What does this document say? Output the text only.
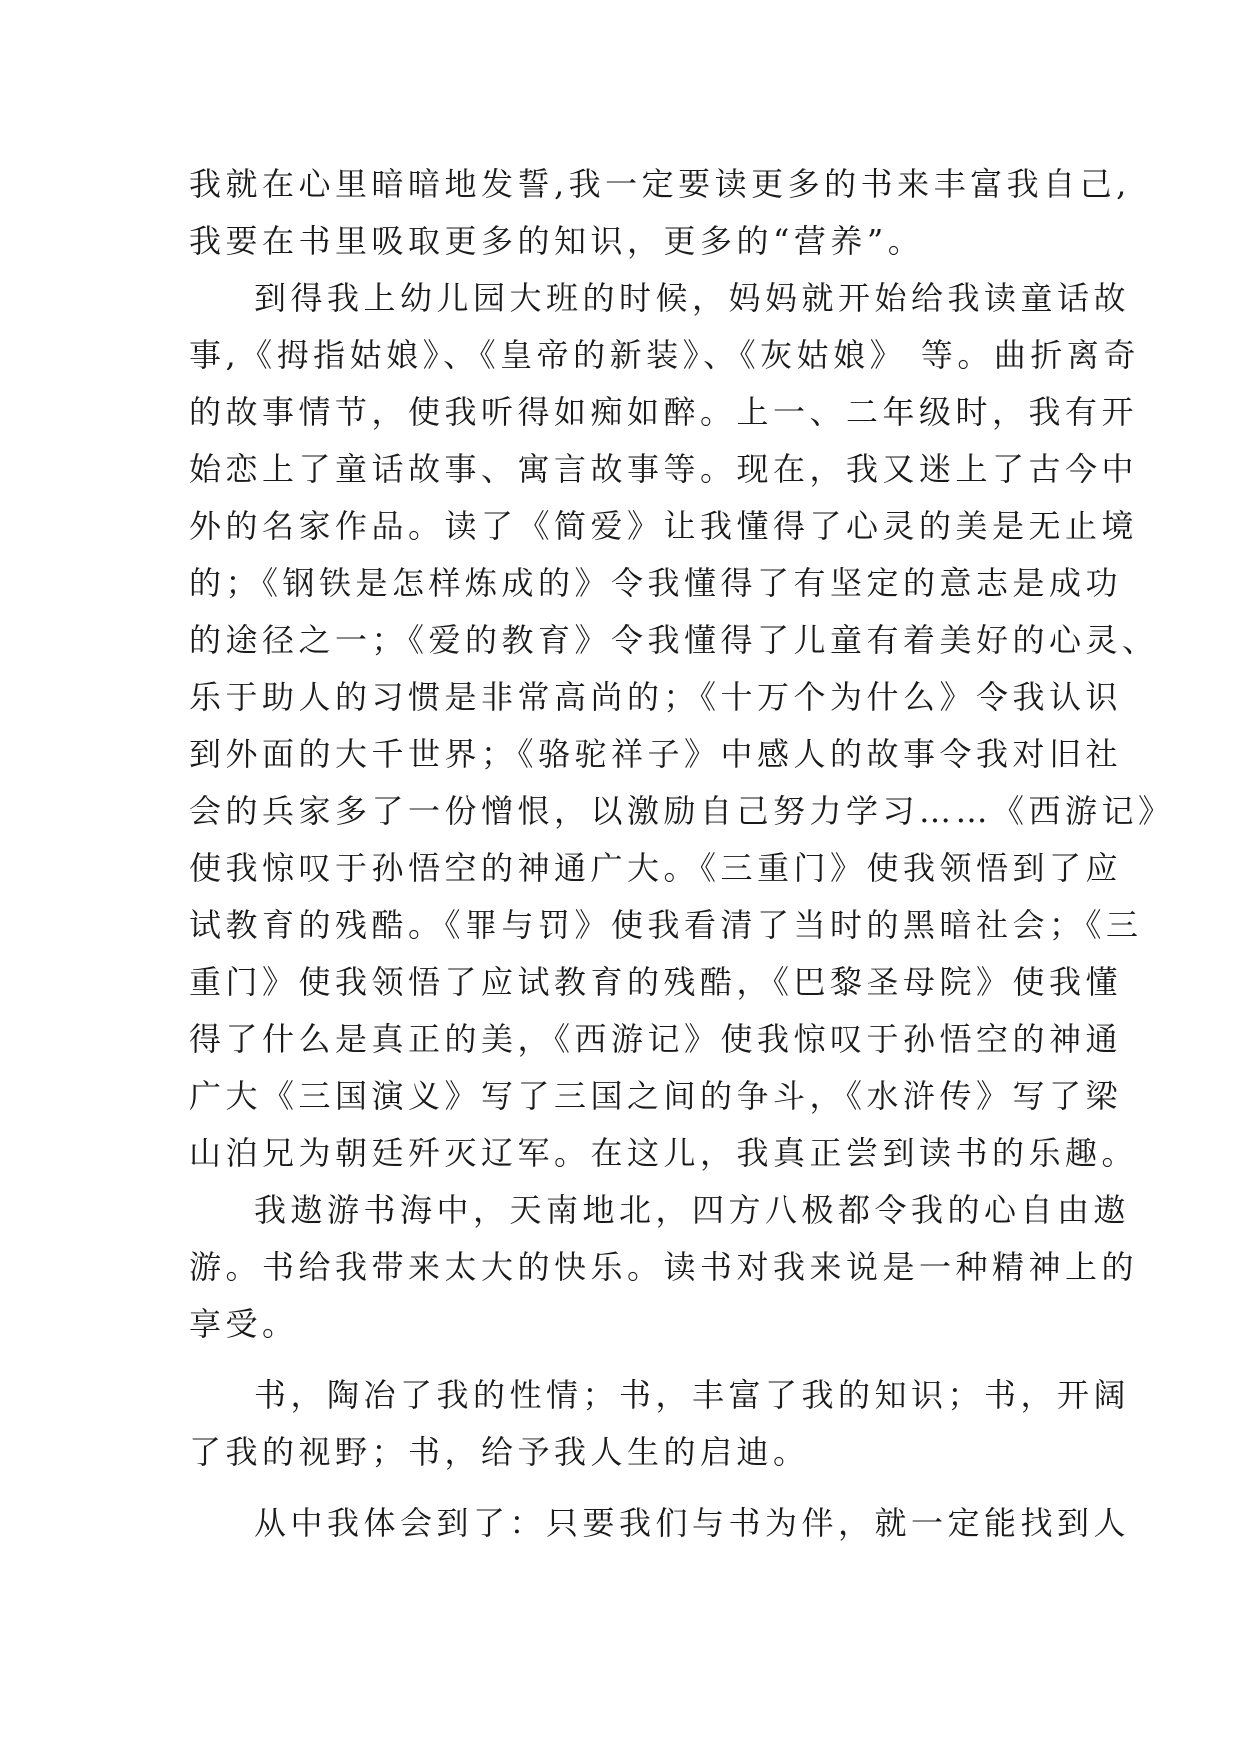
我就在心里暗暗地发誓,我一定要读更多的书来丰富我自己,
我要在书里吸取更多的知识，更多的“营养”。
到得我上幼儿园大班的时候，妈妈就开始给我读童话故
事,《拇指姑娘》、《皇帝的新装》、《灰姑娘》 等。曲折离奇
的故事情节，使我听得如痴如醉。上一、二年级时，我有开
始恋上了童话故事、寓言故事等。现在，我又迷上了古今中
外的名家作品。读了《简爱》让我懂得了心灵的美是无止境
的；《钢铁是怎样炼成的》令我懂得了有坚定的意志是成功
的途径之一；《爱的教育》令我懂得了儿童有着美好的心灵、
乐于助人的习惯是非常高尚的；《十万个为什么》令我认识
到外面的大千世界；《骆驼祥子》中感人的故事令我对旧社
会的兵家多了一份憎恨，以激励自己努力学习……《西游记》
使我惊叹于孙悟空的神通广大。《三重门》使我领悟到了应
试教育的残酷。《罪与罚》使我看清了当时的黑暗社会；《三
重门》使我领悟了应试教育的残酷，《巴黎圣母院》使我懂
得了什么是真正的美，《西游记》使我惊叹于孙悟空的神通
广大《三国演义》写了三国之间的争斗，《水浒传》写了梁
山泊兄为朝廷歼灭辽军。在这儿，我真正尝到读书的乐趣。
我遨游书海中，天南地北，四方八极都令我的心自由遨
游。书给我带来太大的快乐。读书对我来说是一种精神上的
享受。
书，陶冶了我的性情；书，丰富了我的知识；书，开阔
了我的视野；书，给予我人生的启迪。
从中我体会到了：只要我们与书为伴，就一定能找到人
